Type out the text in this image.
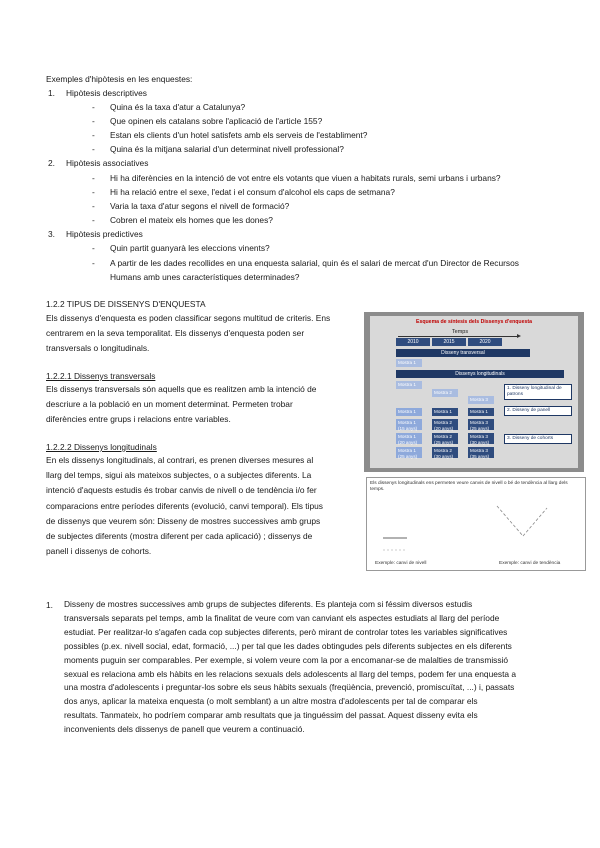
Exemples d'hipòtesis en les enquestes:
1. Hipòtesis descriptives
- Quina és la taxa d'atur a Catalunya?
- Que opinen els catalans sobre l'aplicació de l'article 155?
- Estan els clients d'un hotel satisfets amb els serveis de l'establiment?
- Quina és la mitjana salarial d'un determinat nivell professional?
2. Hipòtesis associatives
- Hi ha diferències en la intenció de vot entre els votants que viuen a habitats rurals, semi urbans i urbans?
- Hi ha relació entre el sexe, l'edat i el consum d'alcohol els caps de setmana?
- Varia la taxa d'atur segons el nivell de formació?
- Cobren el mateix els homes que les dones?
3. Hipòtesis predictives
- Quin partit guanyarà les eleccions vinents?
- A partir de les dades recollides en una enquesta salarial, quin és el salari de mercat d'un Director de Recursos
Humans amb unes característiques determinades?
1.2.2 TIPUS DE DISSENYS D'ENQUESTA
Els dissenys d'enquesta es poden classificar segons multitud de criteris. Ens
centrarem en la seva temporalitat. Els dissenys d'enquesta poden ser
transversals o longitudinals.
1.2.2.1 Dissenys transversals
Els dissenys transversals són aquells que es realitzen amb la intenció de
descriure a la població en un moment determinat. Permeten trobar
diferències entre grups i relacions entre variables.
1.2.2.2 Dissenys longitudinals
En els dissenys longitudinals, al contrari, es prenen diverses mesures al
llarg del temps, sigui als mateixos subjectes, o a subjectes diferents. La
intenció d'aquests estudis és trobar canvis de nivell o de tendència i/o fer
comparacions entre períodes diferents (evolució, canvi temporal). Els tipus
de dissenys que veurem són: Disseny de mostres successives amb grups
de subjectes diferents (mostra diferent per cada aplicació) ; dissenys de
panell i dissenys de cohorts.
Esquema de síntesis dels Dissenys d'enquesta
Temps
2010	2015	2020
Disseny transversal
Mostra 1
Dissenys longitudinals
Mostra 1
Mostra 2
Mostra 3
1. Disseny longitudinal de patrons
Mostra 1	Mostra 1	Mostra 1	2. Disseny de panell
Mostra 1 (15 anys)
Mostra 2 (20 anys)
Mostra 3 (25 anys)
Mostra 1 (20 anys)
Mostra 2 (25 anys)
Mostra 3 (30 anys)
Mostra 1 (25 anys)
Mostra 2 (30 anys)
Mostra 3 (35 anys)
3. Disseny de cohorts
Els dissenys longitudinals ens permeten veure canvis de nivell o bé de tendència al llarg dels temps.
Exemple: canvi de nivell	Exemple: canvi de tendència
1. Disseny de mostres successives amb grups de subjectes diferents. Es planteja com si féssim diversos estudis
transversals separats pel temps, amb la finalitat de veure com van canviant els aspectes estudiats al llarg del període
estudiat. Per realitzar-lo s'agafen cada cop subjectes diferents, però mirant de controlar totes les variables significatives
possibles (p.ex. nivell social, edat, formació, ...) per tal que les dades obtingudes pels diferents subjectes en els diferents
moments puguin ser comparables. Per exemple, si volem veure com la por a encomanar-se de malalties de transmissió
sexual es relaciona amb els hàbits en les relacions sexuals dels adolescents al llarg del temps, podem fer una enquesta a
una mostra d'adolescents i preguntar-los sobre els seus hàbits sexuals (freqüència, prevenció, promiscuïtat, ...) i, passats
dos anys, aplicar la mateixa enquesta (o molt semblant) a un altre mostra d'adolescents per tal de comparar els
resultats. Tanmateix, ho podríem comparar amb resultats que ja tinguéssim del passat. Aquest disseny evita els
inconvenients dels dissenys de panell que veurem a continuació.
